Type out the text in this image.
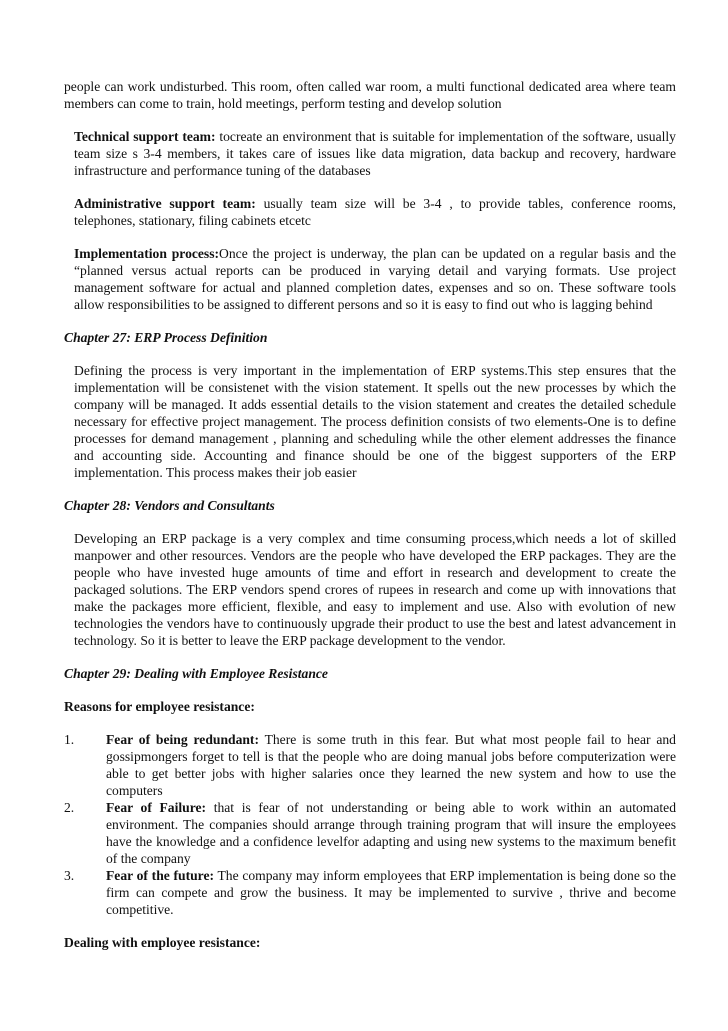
people can work undisturbed. This room, often called war room, a multi functional dedicated area where team members can come to train, hold meetings, perform testing and develop solution

Technical support team: tocreate an environment that is suitable for implementation of the software, usually team size s 3-4 members, it takes care of issues like data migration, data backup and recovery, hardware infrastructure and performance tuning of the databases

Administrative support team: usually team size will be 3-4 , to provide tables, conference rooms, telephones, stationary, filing cabinets etcetc

Implementation process:Once the project is underway, the plan can be updated on a regular basis and the “planned versus actual reports can be produced in varying detail and varying formats. Use project management software for actual and planned completion dates, expenses and so on. These software tools allow responsibilities to be assigned to different persons and so it is easy to find out who is lagging behind

Chapter 27: ERP Process Definition

Defining the process is very important in the implementation of ERP systems.This step ensures that the implementation will be consistenet with the vision statement. It spells out the new processes by which the company will be managed. It adds essential details to the vision statement and creates the detailed schedule necessary for effective project management. The process definition consists of two elements-One is to define processes for demand management , planning and scheduling while the other element addresses the finance and accounting side. Accounting and finance should be one of the biggest supporters of the ERP implementation. This process makes their job easier

Chapter 28: Vendors and Consultants

Developing an ERP package is a very complex and time consuming process,which needs a lot of skilled manpower and other resources. Vendors are the people who have developed the ERP packages. They are the people who have invested huge amounts of time and effort in research and development to create the packaged solutions. The ERP vendors spend crores of rupees in research and come up with innovations that make the packages more efficient, flexible, and easy to implement and use. Also with evolution of new technologies the vendors have to continuously upgrade their product to use the best and latest advancement in technology. So it is better to leave the ERP package development to the vendor.

Chapter 29: Dealing with Employee Resistance

Reasons for employee resistance:

1.	Fear of being redundant: There is some truth in this fear. But what most people fail to hear and gossipmongers forget to tell is that the people who are doing manual jobs before computerization were able to get better jobs with higher salaries once they learned the new system and how to use the computers
2.	Fear of Failure: that is fear of not understanding or being able to work within an automated environment. The companies should arrange through training program that will insure the employees have the knowledge and a confidence levelfor adapting and using new systems to the maximum benefit of the company
3.	Fear of the future: The company may inform employees that ERP implementation is being done so the firm can compete and grow the business. It may be implemented to survive , thrive and become competitive.

Dealing with employee resistance:
